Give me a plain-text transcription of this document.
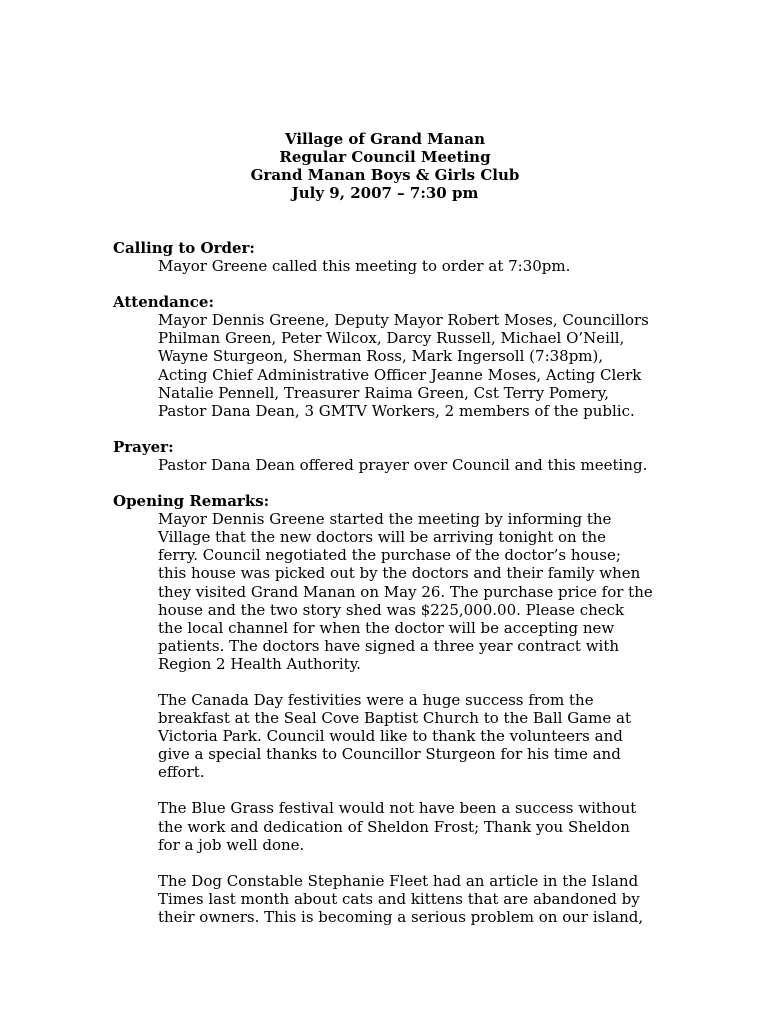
Village of Grand Manan
Regular Council Meeting
Grand Manan Boys & Girls Club
July 9, 2007 – 7:30 pm
Calling to Order:
Mayor Greene called this meeting to order at 7:30pm.
Attendance:
Mayor Dennis Greene, Deputy Mayor Robert Moses, Councillors
Philman Green, Peter Wilcox, Darcy Russell, Michael O’Neill,
Wayne Sturgeon, Sherman Ross, Mark Ingersoll (7:38pm),
Acting Chief Administrative Officer Jeanne Moses, Acting Clerk
Natalie Pennell, Treasurer Raima Green, Cst Terry Pomery,
Pastor Dana Dean, 3 GMTV Workers, 2 members of the public.
Prayer:
Pastor Dana Dean offered prayer over Council and this meeting.
Opening Remarks:
Mayor Dennis Greene started the meeting by informing the
Village that the new doctors will be arriving tonight on the
ferry. Council negotiated the purchase of the doctor’s house;
this house was picked out by the doctors and their family when
they visited Grand Manan on May 26. The purchase price for the
house and the two story shed was $225,000.00. Please check
the local channel for when the doctor will be accepting new
patients. The doctors have signed a three year contract with
Region 2 Health Authority.
The Canada Day festivities were a huge success from the
breakfast at the Seal Cove Baptist Church to the Ball Game at
Victoria Park. Council would like to thank the volunteers and
give a special thanks to Councillor Sturgeon for his time and
effort.
The Blue Grass festival would not have been a success without
the work and dedication of Sheldon Frost; Thank you Sheldon
for a job well done.
The Dog Constable Stephanie Fleet had an article in the Island
Times last month about cats and kittens that are abandoned by
their owners. This is becoming a serious problem on our island,
